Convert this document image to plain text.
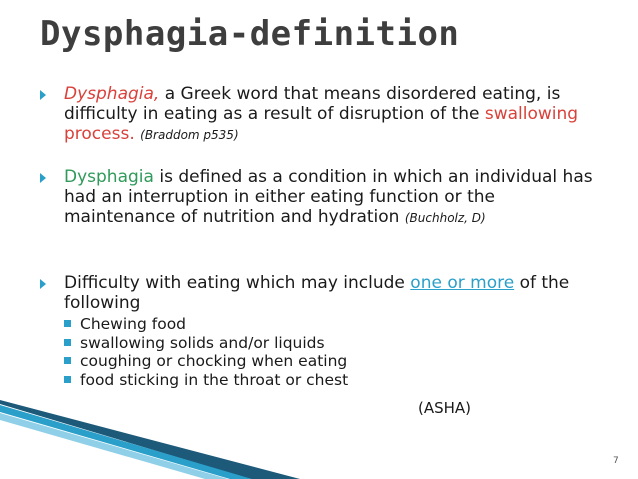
Dysphagia-definition
Dysphagia, a Greek word that means disordered eating, is difficulty in eating as a result of disruption of the swallowing process. (Braddom p535)
Dysphagia is defined as a condition in which an individual has had an interruption in either eating function or the maintenance of nutrition and hydration (Buchholz, D)
Difficulty with eating which may include one or more of the following
Chewing food
swallowing solids and/or liquids
coughing or chocking when eating
food sticking in the throat or chest
(ASHA)
7
